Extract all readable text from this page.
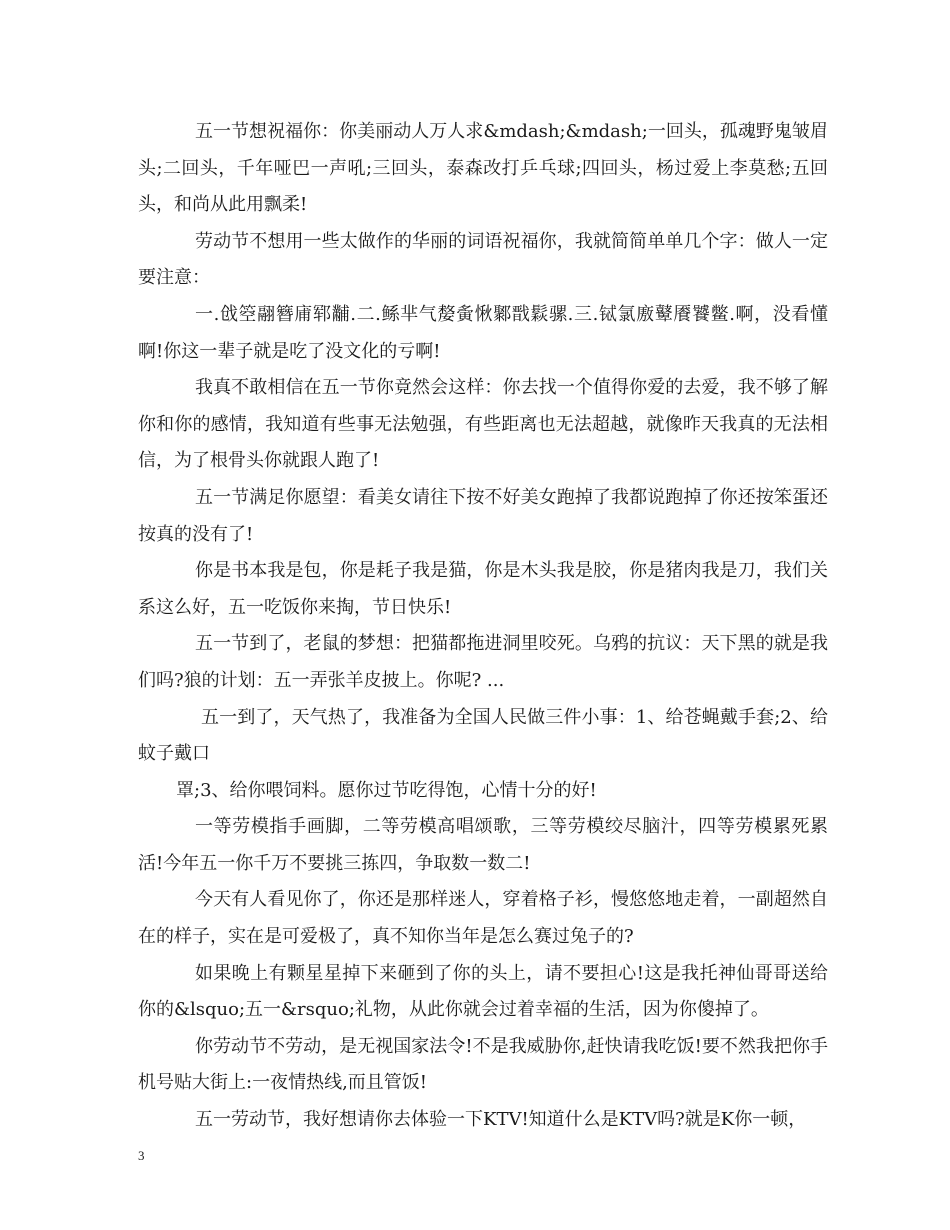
五一节想祝福你：你美丽动人万人求&mdash;&mdash;一回头，孤魂野鬼皱眉头;二回头，千年哑巴一声吼;三回头，泰森改打乒乓球;四回头，杨过爱上李莫愁;五回头，和尚从此用飘柔!

劳动节不想用一些太做作的华丽的词语祝福你，我就简简单单几个字：做人一定要注意：

一.戗箜翮簪庯郓黼.二.鲧芈气嫠夤愀鄹戬鬏骡.三.铽氯廒鼙餍饕鳖.啊，没看懂啊!你这一辈子就是吃了没文化的亏啊!

我真不敢相信在五一节你竟然会这样：你去找一个值得你爱的去爱，我不够了解你和你的感情，我知道有些事无法勉强，有些距离也无法超越，就像昨天我真的无法相信，为了根骨头你就跟人跑了!

五一节满足你愿望：看美女请往下按不好美女跑掉了我都说跑掉了你还按笨蛋还按真的没有了!

你是书本我是包，你是耗子我是猫，你是木头我是胶，你是猪肉我是刀，我们关系这么好，五一吃饭你来掏，节日快乐!

五一节到了，老鼠的梦想：把猫都拖进洞里咬死。乌鸦的抗议：天下黑的就是我们吗?狼的计划：五一弄张羊皮披上。你呢? ...

五一到了，天气热了，我准备为全国人民做三件小事：1、给苍蝇戴手套;2、给蚊子戴口

罩;3、给你喂饲料。愿你过节吃得饱，心情十分的好!

一等劳模指手画脚，二等劳模高唱颂歌，三等劳模绞尽脑汁，四等劳模累死累活!今年五一你千万不要挑三拣四，争取数一数二!

今天有人看见你了，你还是那样迷人，穿着格子衫，慢悠悠地走着，一副超然自在的样子，实在是可爱极了，真不知你当年是怎么赛过兔子的?

如果晚上有颗星星掉下来砸到了你的头上，请不要担心!这是我托神仙哥哥送给你的&lsquo;五一&rsquo;礼物，从此你就会过着幸福的生活，因为你傻掉了。

你劳动节不劳动，是无视国家法令!不是我威胁你,赶快请我吃饭!要不然我把你手机号贴大街上:一夜情热线,而且管饭!

五一劳动节，我好想请你去体验一下KTV!知道什么是KTV吗?就是K你一顿，

3
